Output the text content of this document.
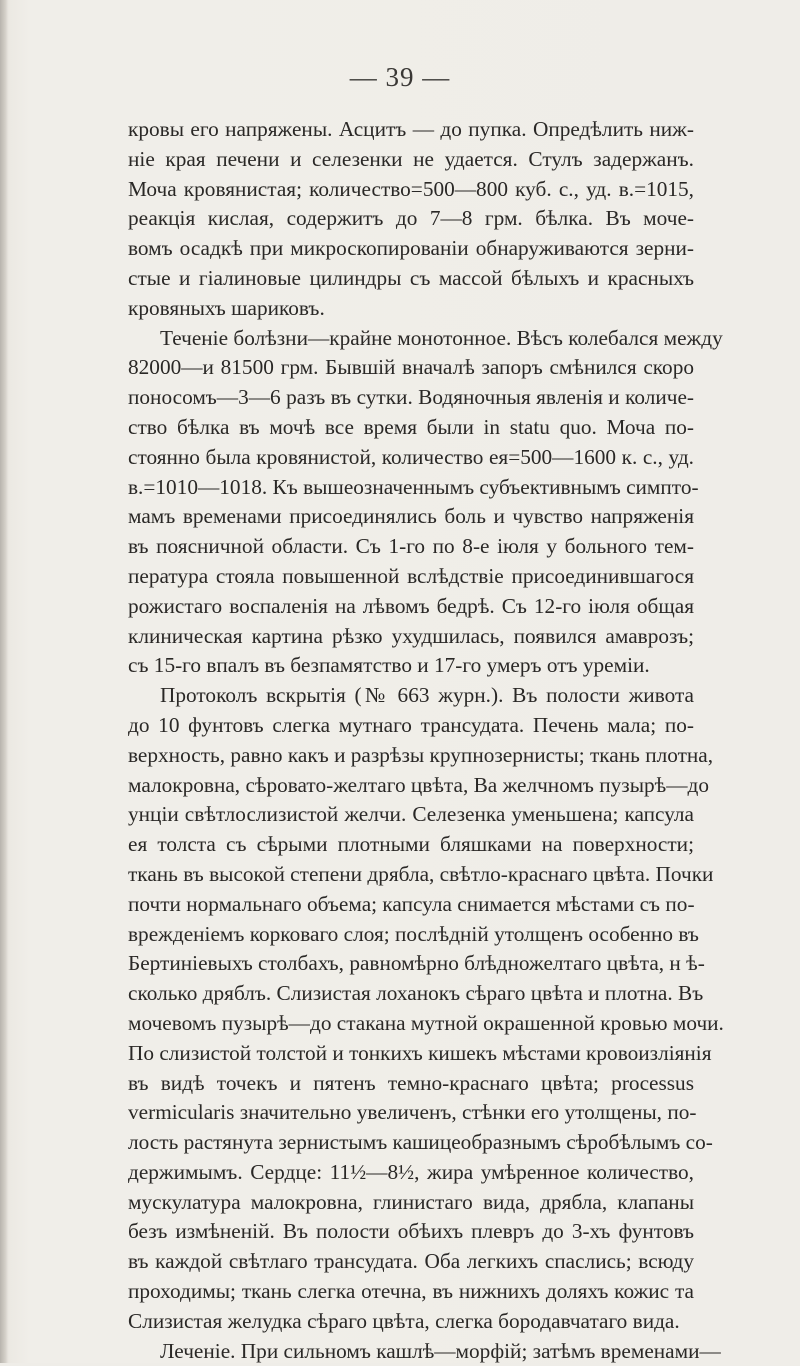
— 39 —
кровы его напряжены. Асцитъ — до пупка. Опредѣлить ниж-
ніе края печени и селезенки не удается. Стулъ задержанъ.
Моча кровянистая; количество=500—800 куб. с., уд. в.=1015,
реакція кислая, содержитъ до 7—8 грм. бѣлка. Въ моче-
вомъ осадкѣ при микроскопированіи обнаруживаются зерни-
стые и гіалиновые цилиндры съ массой бѣлыхъ и красныхъ
кровяныхъ шариковъ.
Теченіе болѣзни—крайне монотонное. Вѣсъ колебался между
82000—и 81500 грм. Бывшій вначалѣ запоръ смѣнился скоро
поносомъ—3—6 разъ въ сутки. Водяночныя явленія и количе-
ство бѣлка въ мочѣ все время были in statu quo. Моча по-
стоянно была кровянистой, количество ея=500—1600 к. с., уд.
в.=1010—1018. Къ вышеозначеннымъ субъективнымъ симпто-
мамъ временами присоединялись боль и чувство напряженія
въ поясничной области. Съ 1-го по 8-е іюля у больного тем-
пература стояла повышенной вслѣдствіе присоединившагося
рожистаго воспаленія на лѣвомъ бедрѣ. Съ 12-го іюля общая
клиническая картина рѣзко ухудшилась, появился амаврозъ;
съ 15-го впалъ въ безпамятство и 17-го умеръ отъ уреміи.
Протоколъ вскрытія (№ 663 журн.). Въ полости живота
до 10 фунтовъ слегка мутнаго трансудата. Печень мала; по-
верхность, равно какъ и разрѣзы крупнозернисты; ткань плотна,
малокровна, сѣровато-желтаго цвѣта, Ва желчномъ пузырѣ—до
унціи свѣтлослизистой желчи. Селезенка уменьшена; капсула
ея толста съ сѣрыми плотными бляшками на поверхности;
ткань въ высокой степени дрябла, свѣтло-краснаго цвѣта. Почки
почти нормальнаго объема; капсула снимается мѣстами съ по-
врежденіемъ корковаго слоя; послѣдній утолщенъ особенно въ
Бертиніевыхъ столбахъ, равномѣрно блѣдножелтаго цвѣта, н ѣ-
сколько дряблъ. Слизистая лоханокъ сѣраго цвѣта и плотна. Въ
мочевомъ пузырѣ—до стакана мутной окрашенной кровью мочи.
По слизистой толстой и тонкихъ кишекъ мѣстами кровоизліянія
въ видѣ точекъ и пятенъ темно-краснаго цвѣта; processus
vermicularis значительно увеличенъ, стѣнки его утолщены, по-
лость растянута зернистымъ кашицеобразнымъ сѣробѣлымъ со-
держимымъ. Сердце: 11½—8½, жира умѣренное количество,
мускулатура малокровна, глинистаго вида, дрябла, клапаны
безъ измѣненій. Въ полости обѣихъ плевръ до 3-хъ фунтовъ
въ каждой свѣтлаго трансудата. Оба легкихъ спаслись; всюду
проходимы; ткань слегка отечна, въ нижнихъ доляхъ кожис та
Слизистая желудка сѣраго цвѣта, слегка бородавчатаго вида.
Леченіе. При сильномъ кашлѣ—морфій; затѣмъ временами—
